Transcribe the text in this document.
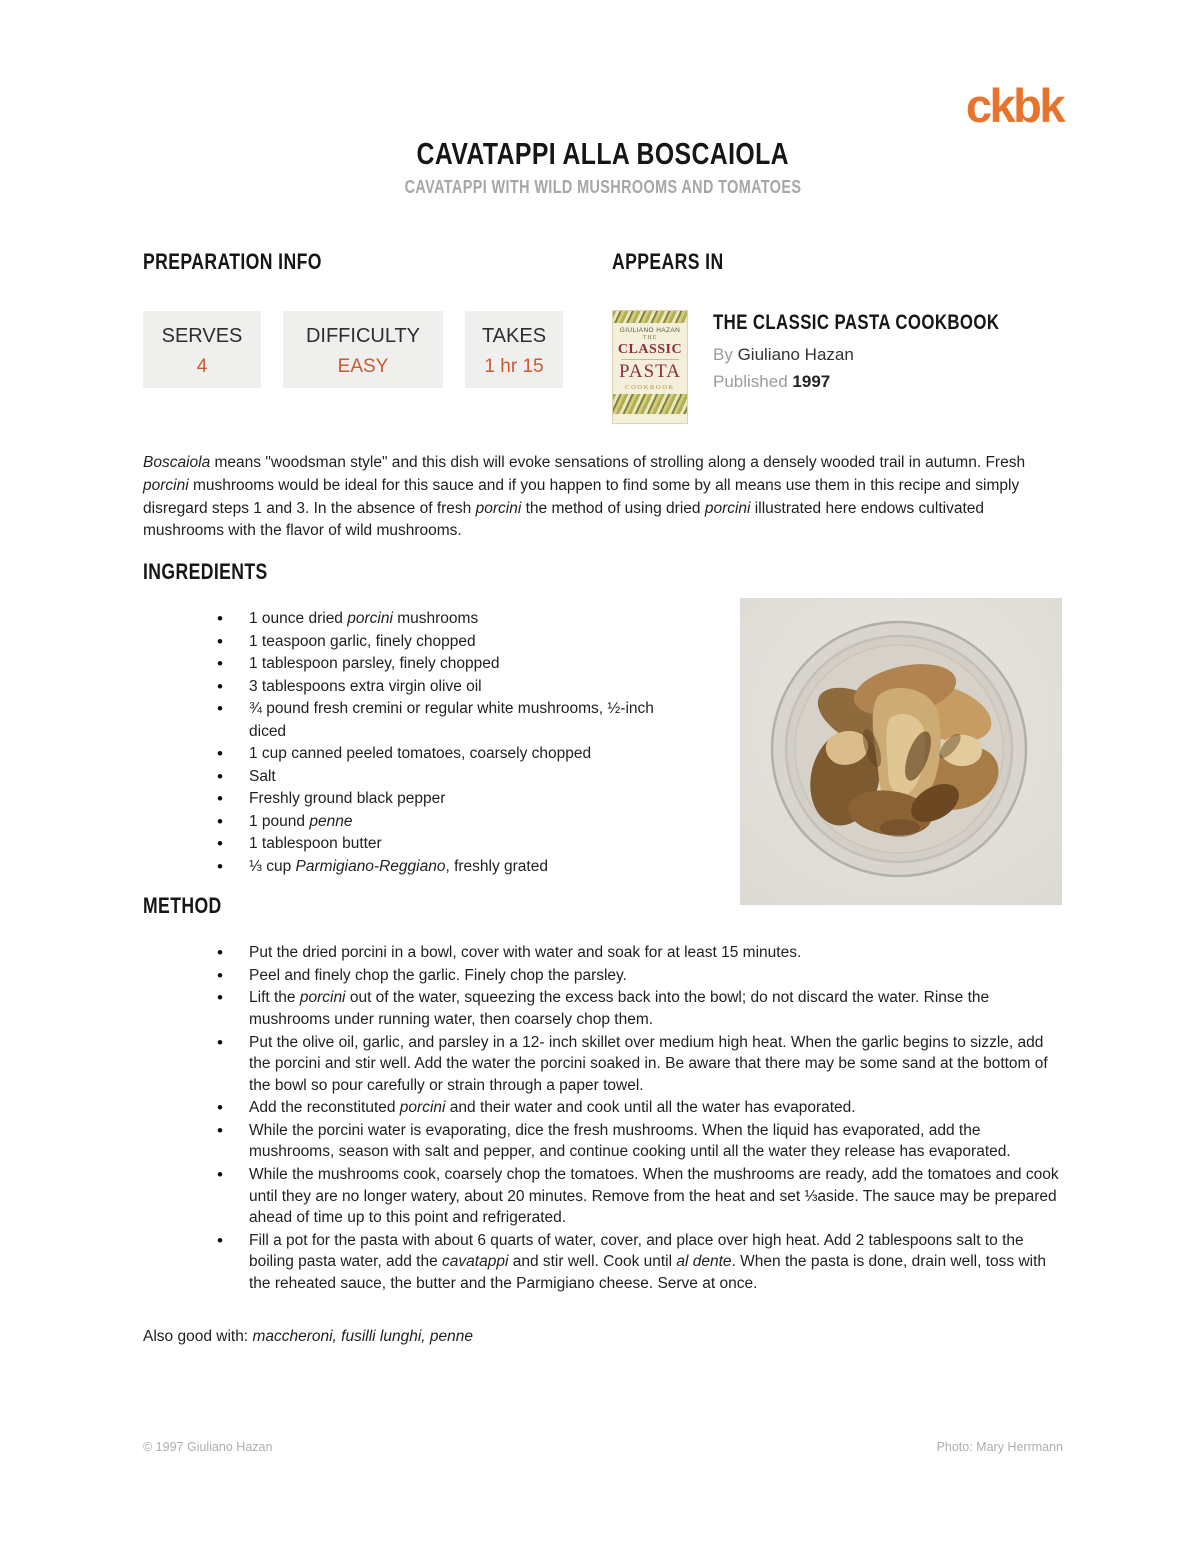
ckbk
CAVATAPPI ALLA BOSCAIOLA
CAVATAPPI WITH WILD MUSHROOMS AND TOMATOES
PREPARATION INFO
SERVES
4
DIFFICULTY
EASY
TAKES
1 hr 15
APPEARS IN
GIULIANO HAZAN
THE
CLASSIC
PASTA
COOKBOOK
THE CLASSIC PASTA COOKBOOK
By Giuliano Hazan
Published 1997

Boscaiola means "woodsman style" and this dish will evoke sensations of strolling along a densely wooded trail in autumn. Fresh porcini mushrooms would be ideal for this sauce and if you happen to find some by all means use them in this recipe and simply disregard steps 1 and 3. In the absence of fresh porcini the method of using dried porcini illustrated here endows cultivated mushrooms with the flavor of wild mushrooms.

INGREDIENTS
• 1 ounce dried porcini mushrooms
• 1 teaspoon garlic, finely chopped
• 1 tablespoon parsley, finely chopped
• 3 tablespoons extra virgin olive oil
• ¾ pound fresh cremini or regular white mushrooms, ½-inch diced
• 1 cup canned peeled tomatoes, coarsely chopped
• Salt
• Freshly ground black pepper
• 1 pound penne
• 1 tablespoon butter
• ⅓ cup Parmigiano-Reggiano, freshly grated
METHOD
• Put the dried porcini in a bowl, cover with water and soak for at least 15 minutes.
• Peel and finely chop the garlic. Finely chop the parsley.
• Lift the porcini out of the water, squeezing the excess back into the bowl; do not discard the water. Rinse the mushrooms under running water, then coarsely chop them.
• Put the olive oil, garlic, and parsley in a 12- inch skillet over medium high heat. When the garlic begins to sizzle, add the porcini and stir well. Add the water the porcini soaked in. Be aware that there may be some sand at the bottom of the bowl so pour carefully or strain through a paper towel.
• Add the reconstituted porcini and their water and cook until all the water has evaporated.
• While the porcini water is evaporating, dice the fresh mushrooms. When the liquid has evaporated, add the mushrooms, season with salt and pepper, and continue cooking until all the water they release has evaporated.
• While the mushrooms cook, coarsely chop the tomatoes. When the mushrooms are ready, add the tomatoes and cook until they are no longer watery, about 20 minutes. Remove from the heat and set ⅓aside. The sauce may be prepared ahead of time up to this point and refrigerated.
• Fill a pot for the pasta with about 6 quarts of water, cover, and place over high heat. Add 2 tablespoons salt to the boiling pasta water, add the cavatappi and stir well. Cook until al dente. When the pasta is done, drain well, toss with the reheated sauce, the butter and the Parmigiano cheese. Serve at once.

Also good with: maccheroni, fusilli lunghi, penne

© 1997 Giuliano Hazan	Photo: Mary Herrmann
